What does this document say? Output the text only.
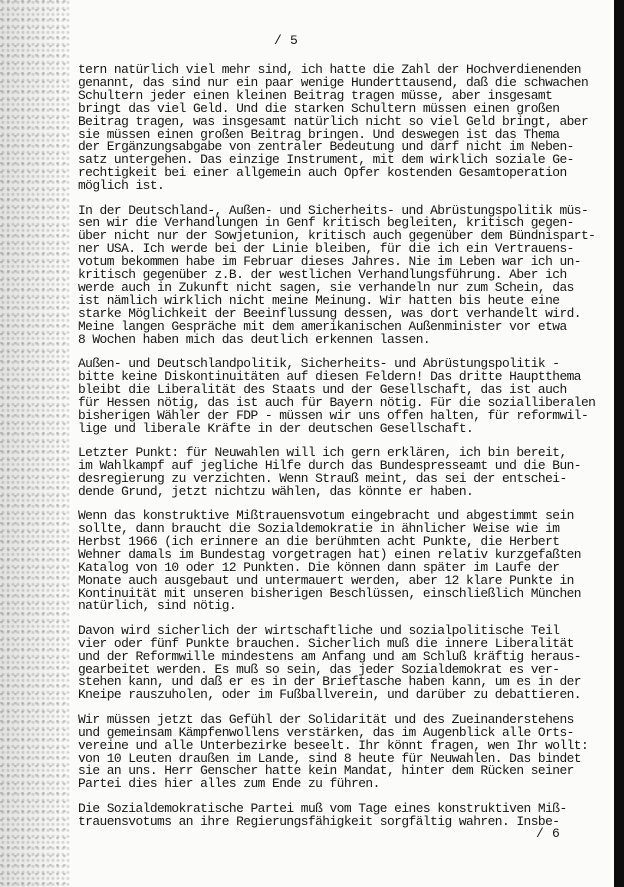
/ 5
tern natürlich viel mehr sind, ich hatte die Zahl der Hochverdienenden
genannt, das sind nur ein paar wenige Hunderttausend, daß die schwachen
Schultern jeder einen kleinen Beitrag tragen müsse, aber insgesamt
bringt das viel Geld. Und die starken Schultern müssen einen großen
Beitrag tragen, was insgesamt natürlich nicht so viel Geld bringt, aber
sie müssen einen großen Beitrag bringen. Und deswegen ist das Thema
der Ergänzungsabgabe von zentraler Bedeutung und darf nicht im Neben-
satz untergehen. Das einzige Instrument, mit dem wirklich soziale Ge-
rechtigkeit bei einer allgemein auch Opfer kostenden Gesamtoperation
möglich ist.
In der Deutschland-, Außen- und Sicherheits- und Abrüstungspolitik müs-
sen wir die Verhandlungen in Genf kritisch begleiten, kritisch gegen-
über nicht nur der Sowjetunion, kritisch auch gegenüber dem Bündnispart-
ner USA. Ich werde bei der Linie bleiben, für die ich ein Vertrauens-
votum bekommen habe im Februar dieses Jahres. Nie im Leben war ich un-
kritisch gegenüber z.B. der westlichen Verhandlungsführung. Aber ich
werde auch in Zukunft nicht sagen, sie verhandeln nur zum Schein, das
ist nämlich wirklich nicht meine Meinung. Wir hatten bis heute eine
starke Möglichkeit der Beeinflussung dessen, was dort verhandelt wird.
Meine langen Gespräche mit dem amerikanischen Außenminister vor etwa
8 Wochen haben mich das deutlich erkennen lassen.
Außen- und Deutschlandpolitik, Sicherheits- und Abrüstungspolitik -
bitte keine Diskontinuitäten auf diesen Feldern! Das dritte Hauptthema
bleibt die Liberalität des Staats und der Gesellschaft, das ist auch
für Hessen nötig, das ist auch für Bayern nötig. Für die sozialliberalen
bisherigen Wähler der FDP - müssen wir uns offen halten, für reformwil-
lige und liberale Kräfte in der deutschen Gesellschaft.
Letzter Punkt: für Neuwahlen will ich gern erklären, ich bin bereit,
im Wahlkampf auf jegliche Hilfe durch das Bundespresseamt und die Bun-
desregierung zu verzichten. Wenn Strauß meint, das sei der entschei-
dende Grund, jetzt nichtzu wählen, das könnte er haben.
Wenn das konstruktive Mißtrauensvotum eingebracht und abgestimmt sein
sollte, dann braucht die Sozialdemokratie in ähnlicher Weise wie im
Herbst 1966 (ich erinnere an die berühmten acht Punkte, die Herbert
Wehner damals im Bundestag vorgetragen hat) einen relativ kurzgefaßten
Katalog von 10 oder 12 Punkten. Die können dann später im Laufe der
Monate auch ausgebaut und untermauert werden, aber 12 klare Punkte in
Kontinuität mit unseren bisherigen Beschlüssen, einschließlich München
natürlich, sind nötig.
Davon wird sicherlich der wirtschaftliche und sozialpolitische Teil
vier oder fünf Punkte brauchen. Sicherlich muß die innere Liberalität
und der Reformwille mindestens am Anfang und am Schluß kräftig heraus-
gearbeitet werden. Es muß so sein, das jeder Sozialdemokrat es ver-
stehen kann, und daß er es in der Brieftasche haben kann, um es in der
Kneipe rauszuholen, oder im Fußballverein, und darüber zu debattieren.
Wir müssen jetzt das Gefühl der Solidarität und des Zueinanderstehens
und gemeinsam Kämpfenwollens verstärken, das im Augenblick alle Orts-
vereine und alle Unterbezirke beseelt. Ihr könnt fragen, wen Ihr wollt:
von 10 Leuten draußen im Lande, sind 8 heute für Neuwahlen. Das bindet
sie an uns. Herr Genscher hatte kein Mandat, hinter dem Rücken seiner
Partei dies hier alles zum Ende zu führen.
Die Sozialdemokratische Partei muß vom Tage eines konstruktiven Miß-
trauensvotums an ihre Regierungsfähigkeit sorgfältig wahren. Insbe-
/ 6
